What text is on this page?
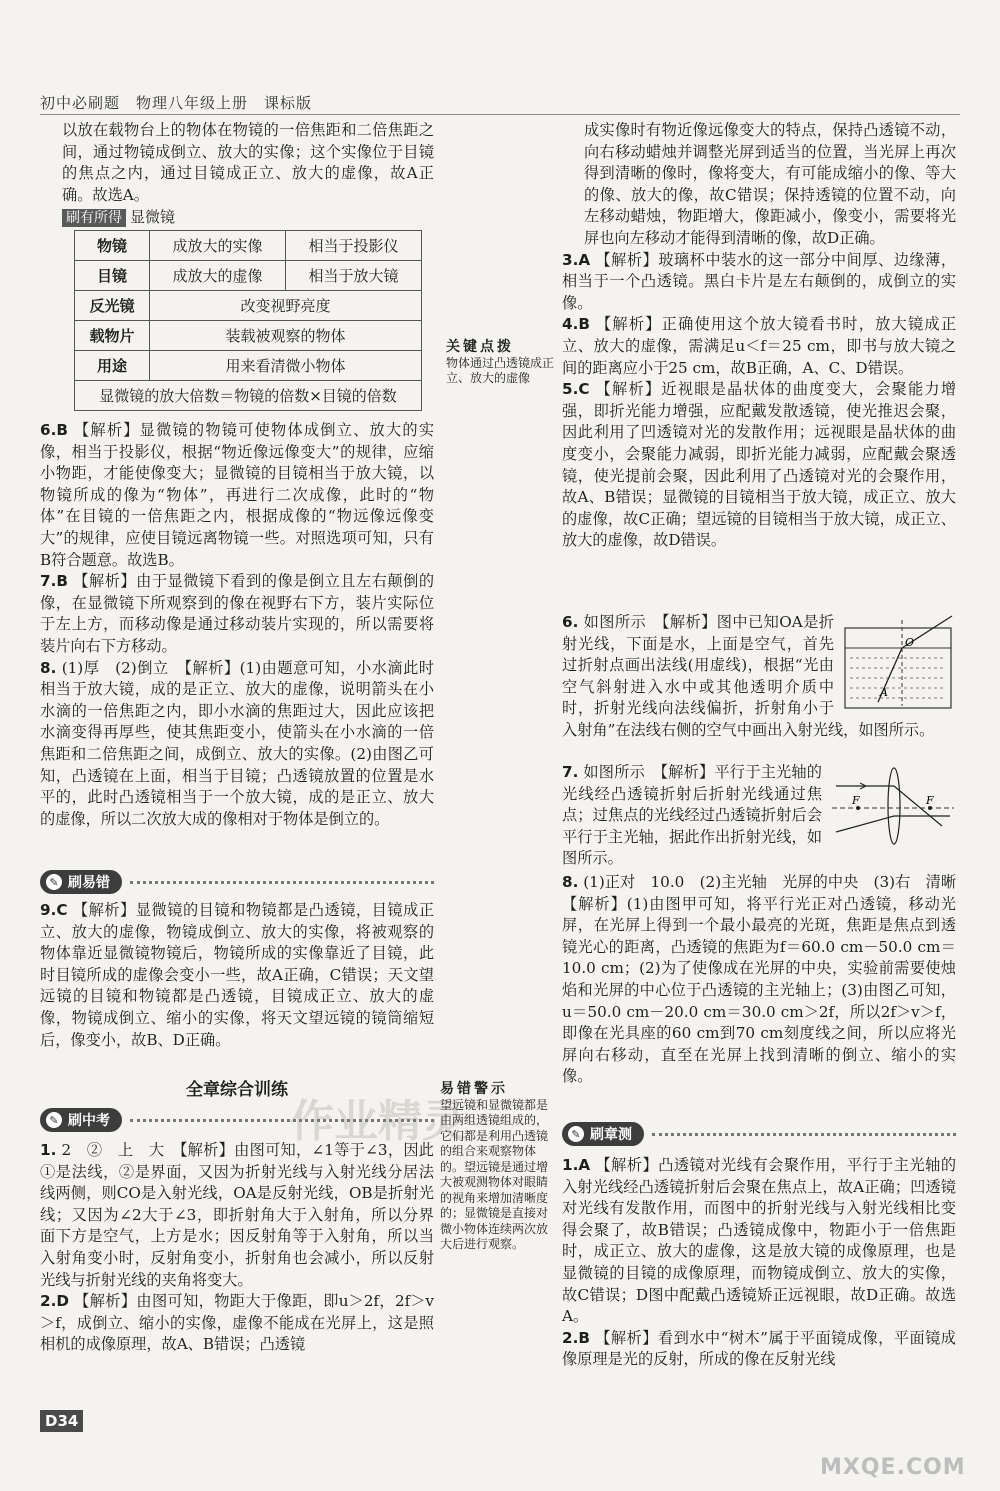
初中必刷题　物理八年级上册　课标版
作业精灵
MXQE.COM
以放在载物台上的物体在物镜的一倍焦距和二倍焦距之间，通过物镜成倒立、放大的实像；这个实像位于目镜的焦点之内，通过目镜成正立、放大的虚像，故A正确。故选A。
刷有所得 显微镜
物镜	成放大的实像	相当于投影仪
目镜	成放大的虚像	相当于放大镜
反光镜	改变视野亮度	
载物片	装载被观察的物体	
用途	用来看清微小物体	
显微镜的放大倍数＝物镜的倍数×目镜的倍数		

6.B 【解析】显微镜的物镜可使物体成倒立、放大的实像，相当于投影仪，根据“物近像远像变大”的规律，应缩小物距，才能使像变大；显微镜的目镜相当于放大镜，以物镜所成的像为“物体”，再进行二次成像，此时的“物体”在目镜的一倍焦距之内，根据成像的“物远像远像变大”的规律，应使目镜远离物镜一些。对照选项可知，只有B符合题意。故选B。

7.B 【解析】由于显微镜下看到的像是倒立且左右颠倒的像，在显微镜下所观察到的像在视野右下方，装片实际位于左上方，而移动像是通过移动装片实现的，所以需要将装片向右下方移动。

8. (1)厚　(2)倒立　【解析】(1)由题意可知，小水滴此时相当于放大镜，成的是正立、放大的虚像，说明箭头在小水滴的一倍焦距之内，即小水滴的焦距过大，因此应该把水滴变得再厚些，使其焦距变小，使箭头在小水滴的一倍焦距和二倍焦距之间，成倒立、放大的实像。(2)由图乙可知，凸透镜在上面，相当于目镜；凸透镜放置的位置是水平的，此时凸透镜相当于一个放大镜，成的是正立、放大的虚像，所以二次放大成的像相对于物体是倒立的。

✎ 刷易错

9.C 【解析】显微镜的目镜和物镜都是凸透镜，目镜成正立、放大的虚像，物镜成倒立、放大的实像，将被观察的物体靠近显微镜物镜后，物镜所成的实像靠近了目镜，此时目镜所成的虚像会变小一些，故A正确，C错误；天文望远镜的目镜和物镜都是凸透镜，目镜成正立、放大的虚像，物镜成倒立、缩小的实像，将天文望远镜的镜筒缩短后，像变小，故B、D正确。

全章综合训练
✎ 刷中考

1. 2　②　上　大　【解析】由图可知，∠1等于∠3，因此①是法线，②是界面，又因为折射光线与入射光线分居法线两侧，则CO是入射光线，OA是反射光线，OB是折射光线；又因为∠2大于∠3，即折射角大于入射角，所以分界面下方是空气，上方是水；因反射角等于入射角，所以当入射角变小时，反射角变小，折射角也会减小，所以反射光线与折射光线的夹角将变大。

2.D 【解析】由图可知，物距大于像距，即u＞2f，2f＞v＞f，成倒立、缩小的实像，虚像不能成在光屏上，这是照相机的成像原理，故A、B错误；凸透镜

关键点拨
物体通过凸透镜成正立、放大的虚像
易错警示
望远镜和显微镜都是由两组透镜组成的，它们都是利用凸透镜的组合来观察物体的。望远镜是通过增大被观测物体对眼睛的视角来增加清晰度的；显微镜是直接对微小物体连续两次放大后进行观察。

成实像时有物近像远像变大的特点，保持凸透镜不动，向右移动蜡烛并调整光屏到适当的位置，当光屏上再次得到清晰的像时，像将变大，有可能成缩小的像、等大的像、放大的像，故C错误；保持透镜的位置不动，向左移动蜡烛，物距增大，像距减小，像变小，需要将光屏也向左移动才能得到清晰的像，故D正确。

3.A 【解析】玻璃杯中装水的这一部分中间厚、边缘薄，相当于一个凸透镜。黑白卡片是左右颠倒的，成倒立的实像。

4.B 【解析】正确使用这个放大镜看书时，放大镜成正立、放大的虚像，需满足u＜f＝25 cm，即书与放大镜之间的距离应小于25 cm，故B正确，A、C、D错误。

5.C 【解析】近视眼是晶状体的曲度变大，会聚能力增强，即折光能力增强，应配戴发散透镜，使光推迟会聚，因此利用了凹透镜对光的发散作用；远视眼是晶状体的曲度变小，会聚能力减弱，即折光能力减弱，应配戴会聚透镜，使光提前会聚，因此利用了凸透镜对光的会聚作用，故A、B错误；显微镜的目镜相当于放大镜，成正立、放大的虚像，故C正确；望远镜的目镜相当于放大镜，成正立、放大的虚像，故D错误。

O
A

6. 如图所示　【解析】图中已知OA是折射光线，下面是水，上面是空气，首先过折射点画出法线(用虚线)，根据“光由空气斜射进入水中或其他透明介质中时，折射光线向法线偏折，折射角小于入射角”在法线右侧的空气中画出入射光线，如图所示。

F	F

7. 如图所示　【解析】平行于主光轴的光线经凸透镜折射后折射光线通过焦点；过焦点的光线经过凸透镜折射后会平行于主光轴，据此作出折射光线，如图所示。

8. (1)正对　10.0　(2)主光轴　光屏的中央　(3)右　清晰　【解析】(1)由图甲可知，将平行光正对凸透镜，移动光屏，在光屏上得到一个最小最亮的光斑，焦距是焦点到透镜光心的距离，凸透镜的焦距为f＝60.0 cm－50.0 cm＝10.0 cm；(2)为了使像成在光屏的中央，实验前需要使烛焰和光屏的中心位于凸透镜的主光轴上；(3)由图乙可知，u＝50.0 cm－20.0 cm＝30.0 cm＞2f，所以2f＞v＞f，即像在光具座的60 cm到70 cm刻度线之间，所以应将光屏向右移动，直至在光屏上找到清晰的倒立、缩小的实像。

✎ 刷章测

1.A 【解析】凸透镜对光线有会聚作用，平行于主光轴的入射光线经凸透镜折射后会聚在焦点上，故A正确；凹透镜对光线有发散作用，而图中的折射光线与入射光线相比变得会聚了，故B错误；凸透镜成像中，物距小于一倍焦距时，成正立、放大的虚像，这是放大镜的成像原理，也是显微镜的目镜的成像原理，而物镜成倒立、放大的实像，故C错误；D图中配戴凸透镜矫正远视眼，故D正确。故选A。

2.B 【解析】看到水中“树木”属于平面镜成像，平面镜成像原理是光的反射，所成的像在反射光线

D34
